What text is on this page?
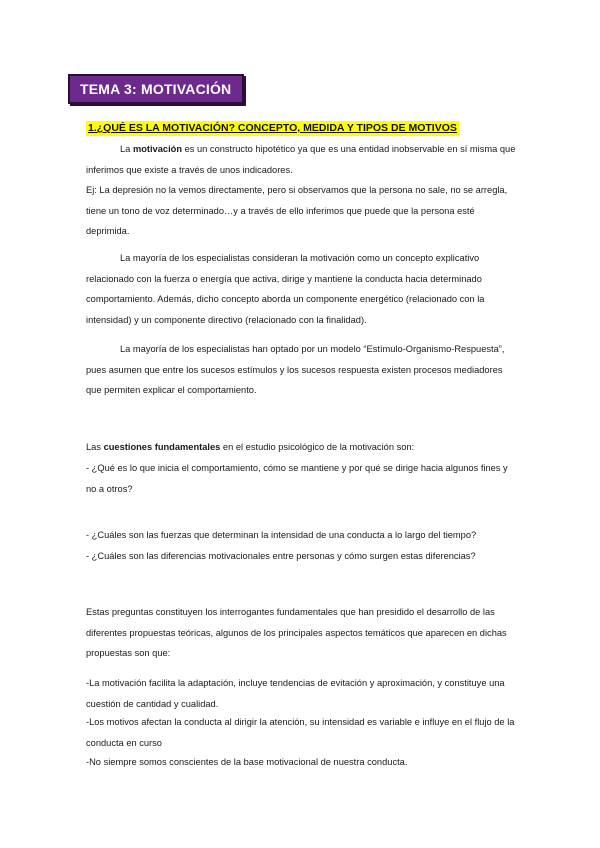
TEMA 3: MOTIVACIÓN
1.¿QUÉ ES LA MOTIVACIÓN? CONCEPTO, MEDIDA Y TIPOS DE MOTIVOS

La motivación es un constructo hipotético ya que es una entidad inobservable en sí misma que inferimos que existe a través de unos indicadores.

Ej: La depresión no la vemos directamente, pero si observamos que la persona no sale, no se arregla, tiene un tono de voz determinado…y a través de ello inferimos que puede que la persona esté deprimida.

La mayoría de los especialistas consideran la motivación como un concepto explicativo relacionado con la fuerza o energía que activa, dirige y mantiene la conducta hacia determinado comportamiento. Además, dicho concepto aborda un componente energético (relacionado con la intensidad) y un componente directivo (relacionado con la finalidad).

La mayoría de los especialistas han optado por un modelo “Estímulo-Organismo-Respuesta”, pues asumen que entre los sucesos estímulos y los sucesos respuesta existen procesos mediadores que permiten explicar el comportamiento.

Las cuestiones fundamentales en el estudio psicológico de la motivación son:

- ¿Qué es lo que inicia el comportamiento, cómo se mantiene y por qué se dirige hacia algunos fines y no a otros?

- ¿Cuáles son las fuerzas que determinan la intensidad de una conducta a lo largo del tiempo?

- ¿Cuáles son las diferencias motivacionales entre personas y cómo surgen estas diferencias?

Estas preguntas constituyen los interrogantes fundamentales que han presidido el desarrollo de las diferentes propuestas teóricas, algunos de los principales aspectos temáticos que aparecen en dichas propuestas son que:

-La motivación facilita la adaptación, incluye tendencias de evitación y aproximación, y constituye una cuestión de cantidad y cualidad.

-Los motivos afectan la conducta al dirigir la atención, su intensidad es variable e influye en el flujo de la conducta en curso

-No siempre somos conscientes de la base motivacional de nuestra conducta.
